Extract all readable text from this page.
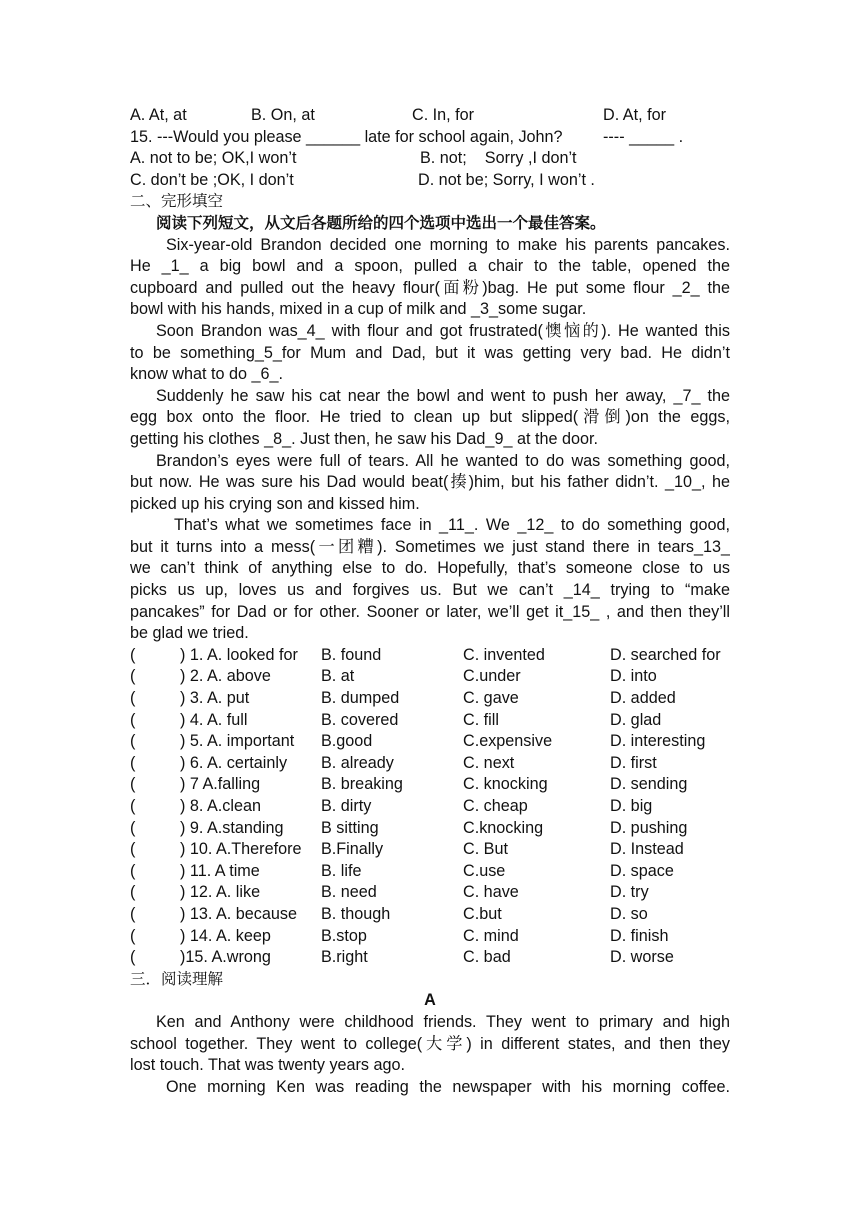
A. At, at	B. On, at	C. In, for	D. At, for
15. ---Would you please ______ late for school again, John?         ---- _____ .
A. not to be; OK,I won’t	B. not;    Sorry ,I don’t
C. don’t be ;OK, I don’t	D. not be; Sorry, I won’t .
二、完形填空
阅读下列短文，从文后各题所给的四个选项中选出一个最佳答案。
Six-year-old Brandon decided one morning to make his parents pancakes.
He _1_ a big bowl and a spoon, pulled a chair to the table, opened the
cupboard and pulled out the heavy flour(面粉)bag. He put some flour _2_ the
bowl with his hands, mixed in a cup of milk and _3_some sugar.
Soon Brandon was_4_ with flour and got frustrated(懊恼的). He wanted this
to be something_5_for Mum and Dad, but it was getting very bad. He didn’t
know what to do _6_.
Suddenly he saw his cat near the bowl and went to push her away, _7_ the
egg box onto the floor. He tried to clean up but slipped(滑倒)on the eggs,
getting his clothes _8_. Just then, he saw his Dad_9_ at the door.
Brandon’s eyes were full of tears. All he wanted to do was something good,
but now. He was sure his Dad would beat(揍)him, but his father didn’t. _10_, he
picked up his crying son and kissed him.
That’s what we sometimes face in _11_. We _12_ to do something good,
but it turns into a mess(一团糟). Sometimes we just stand there in tears_13_
we can’t think of anything else to do. Hopefully, that’s someone close to us
picks us up, loves us and forgives us. But we can’t _14_ trying to “make
pancakes” for Dad or for other. Sooner or later, we’ll get it_15_ , and then they’ll
be glad we tried.
(	) 1. A. looked for	B. found	C. invented	D. searched for
(	) 2. A. above	B. at	C.under	D. into
(	) 3. A. put	B. dumped	C. gave	D. added
(	) 4. A. full	B. covered	C. fill	D. glad
(	) 5. A. important	B.good	C.expensive	D. interesting
(	) 6. A. certainly	B. already	C. next	D. first
(	) 7 A.falling	B. breaking	C. knocking	D. sending
(	) 8. A.clean	B. dirty	C. cheap	D. big
(	) 9. A.standing	B sitting	C.knocking	D. pushing
(	) 10. A.Therefore	B.Finally	C. But	D. Instead
(	) 11. A time	B. life	C.use	D. space
(	) 12. A. like	B. need	C. have	D. try
(	) 13. A. because	B. though	C.but	D. so
(	) 14. A. keep	B.stop	C. mind	D. finish
(	)15. A.wrong	B.right	C. bad	D. worse
三．阅读理解
A
Ken and Anthony were childhood friends. They went to primary and high
school together. They went to college(大学) in different states, and then they
lost touch. That was twenty years ago.
One morning Ken was reading the newspaper with his morning coffee.
